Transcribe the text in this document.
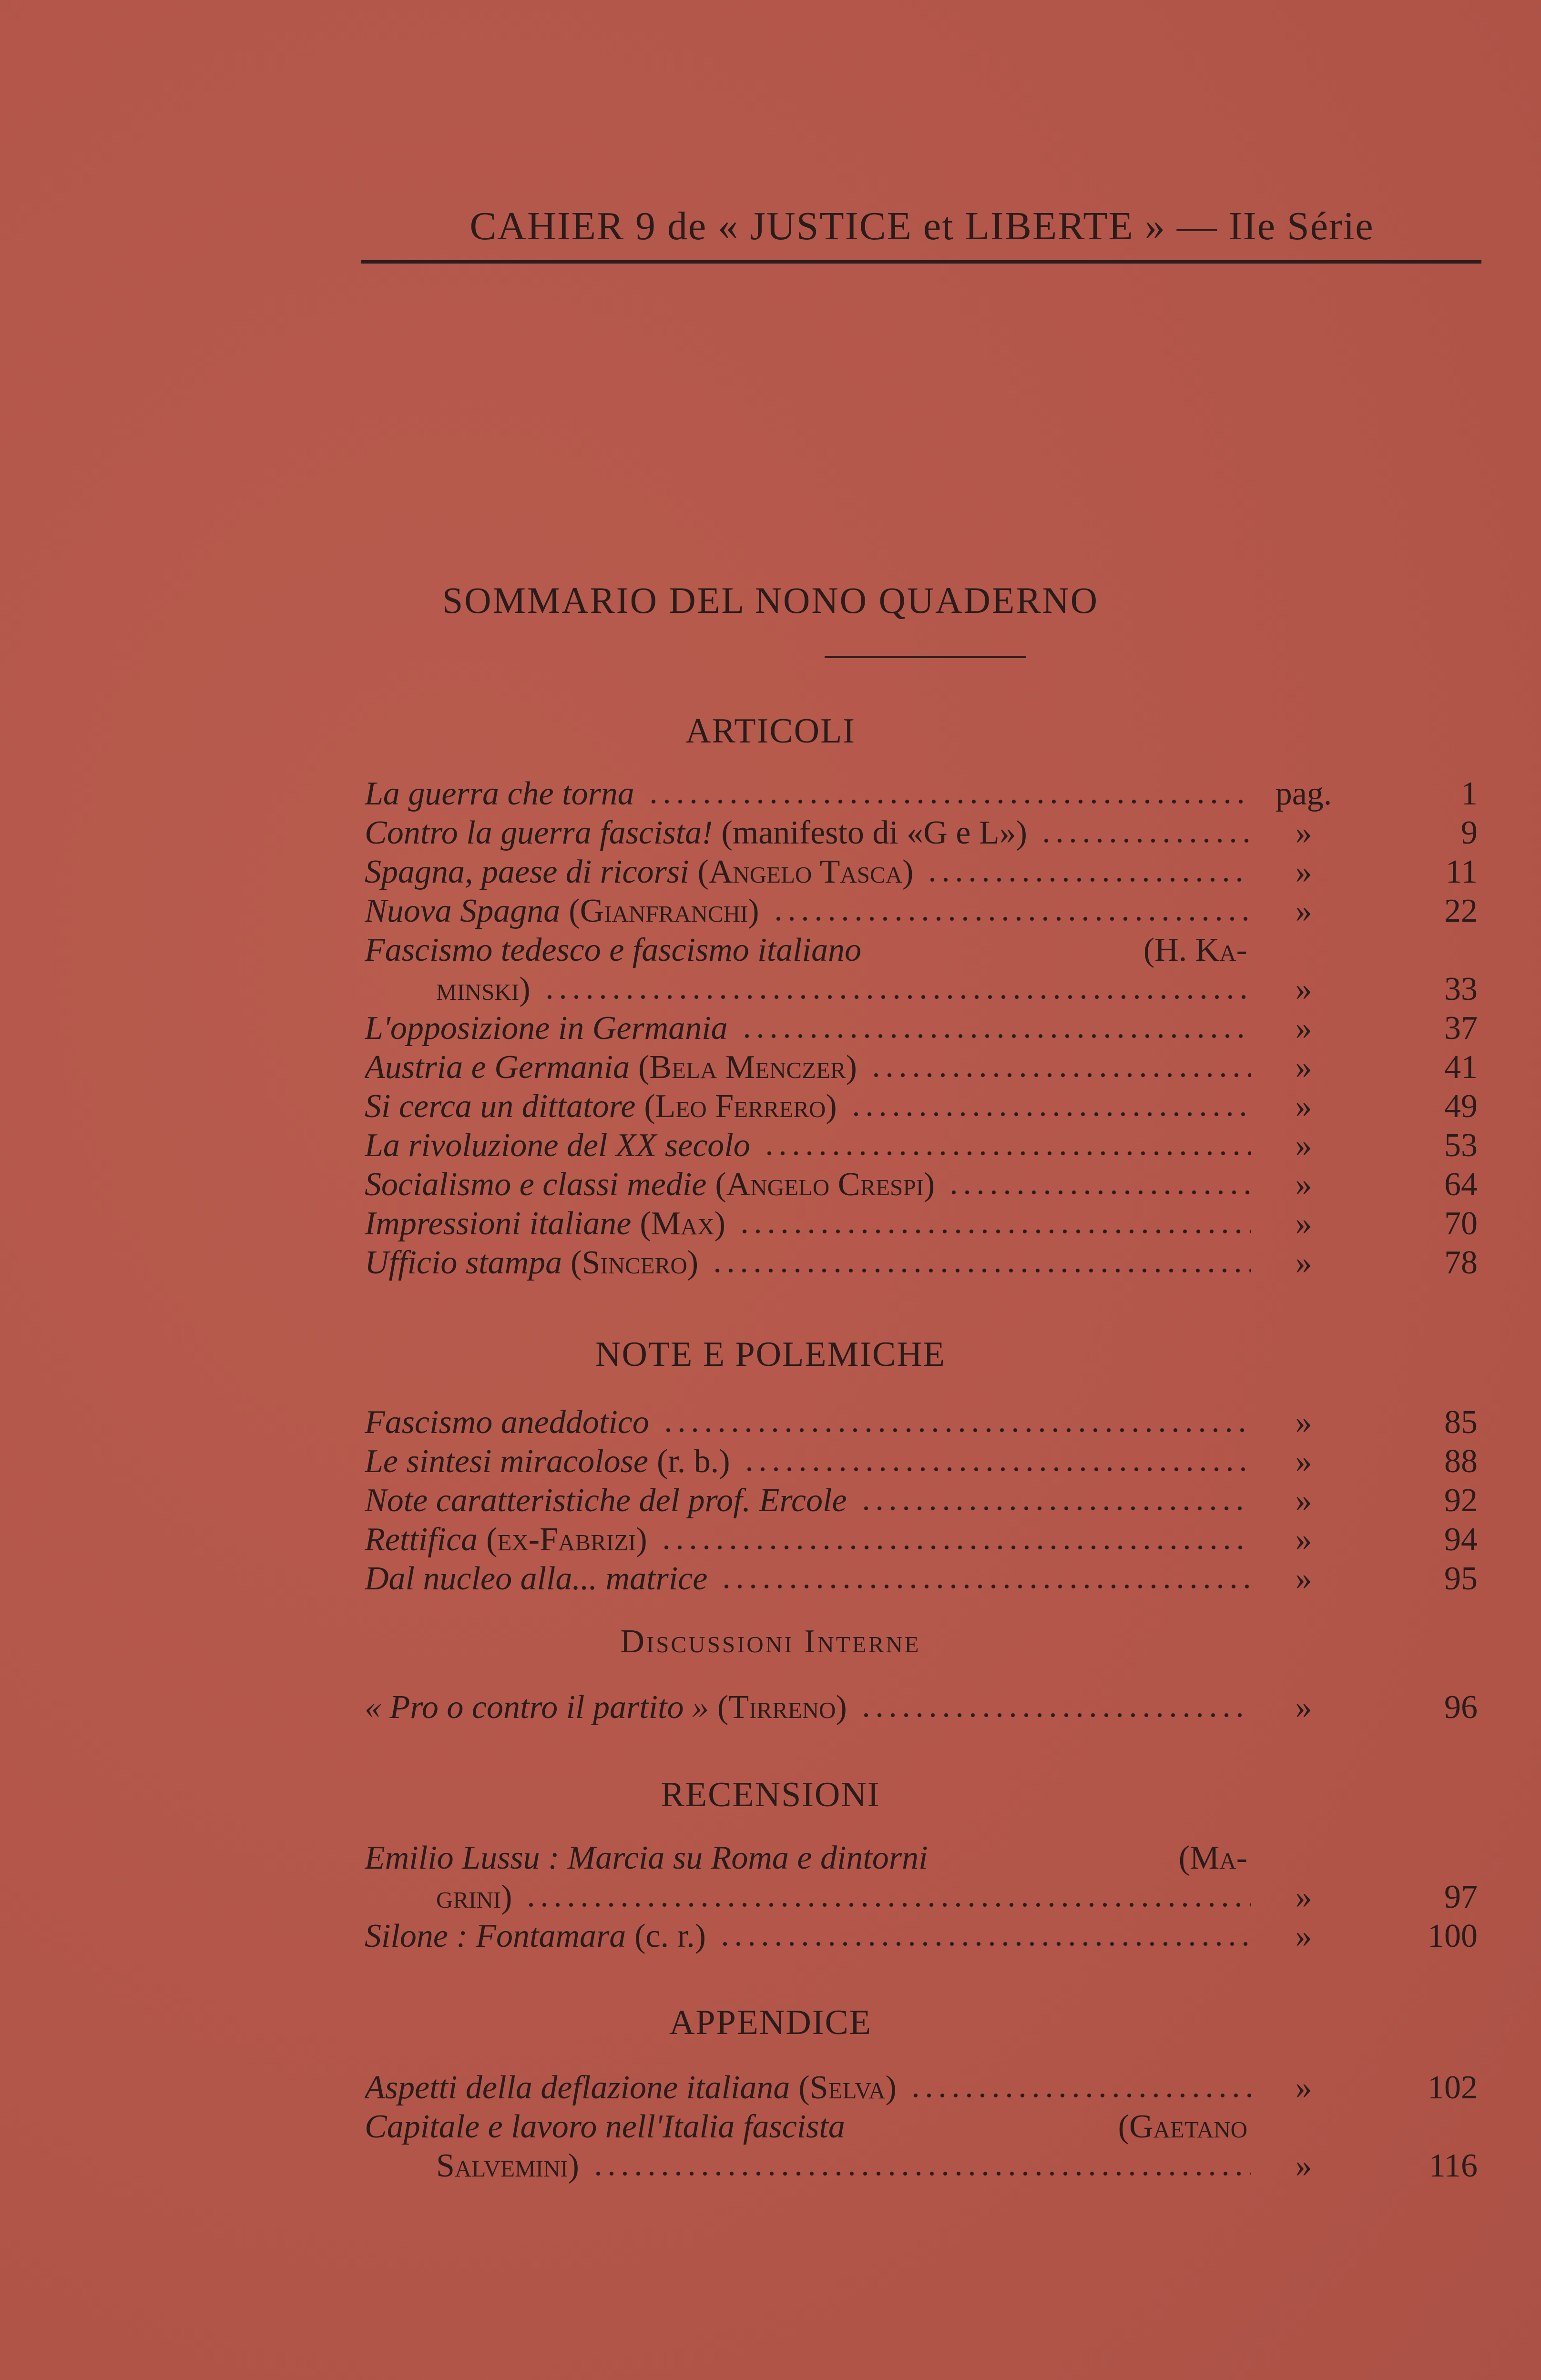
CAHIER 9 de « JUSTICE et LIBERTE » — IIe Série
SOMMARIO DEL NONO QUADERNO
ARTICOLI
La guerra che torna	pag.	1
Contro la guerra fascista! (manifesto di «G e L»)	»	9
Spagna, paese di ricorsi (Angelo Tasca)	»	11
Nuova Spagna (Gianfranchi)	»	22
Fascismo tedesco e fascismo italiano	(H. Ka-
minski)	»	33
L'opposizione in Germania	»	37
Austria e Germania (Bela Menczer)	»	41
Si cerca un dittatore (Leo Ferrero)	»	49
La rivoluzione del XX secolo	»	53
Socialismo e classi medie (Angelo Crespi)	»	64
Impressioni italiane (Max)	»	70
Ufficio stampa (Sincero)	»	78
NOTE E POLEMICHE
Fascismo aneddotico	»	85
Le sintesi miracolose (r. b.)	»	88
Note caratteristiche del prof. Ercole	»	92
Rettifica (ex-Fabrizi)	»	94
Dal nucleo alla... matrice	»	95
Discussioni Interne
« Pro o contro il partito » (Tirreno)	»	96
RECENSIONI
Emilio Lussu : Marcia su Roma e dintorni	(Ma-
grini)	»	97
Silone : Fontamara (c. r.)	»	100
APPENDICE
Aspetti della deflazione italiana (Selva)	»	102
Capitale e lavoro nell'Italia fascista	(Gaetano
Salvemini)	»	116
